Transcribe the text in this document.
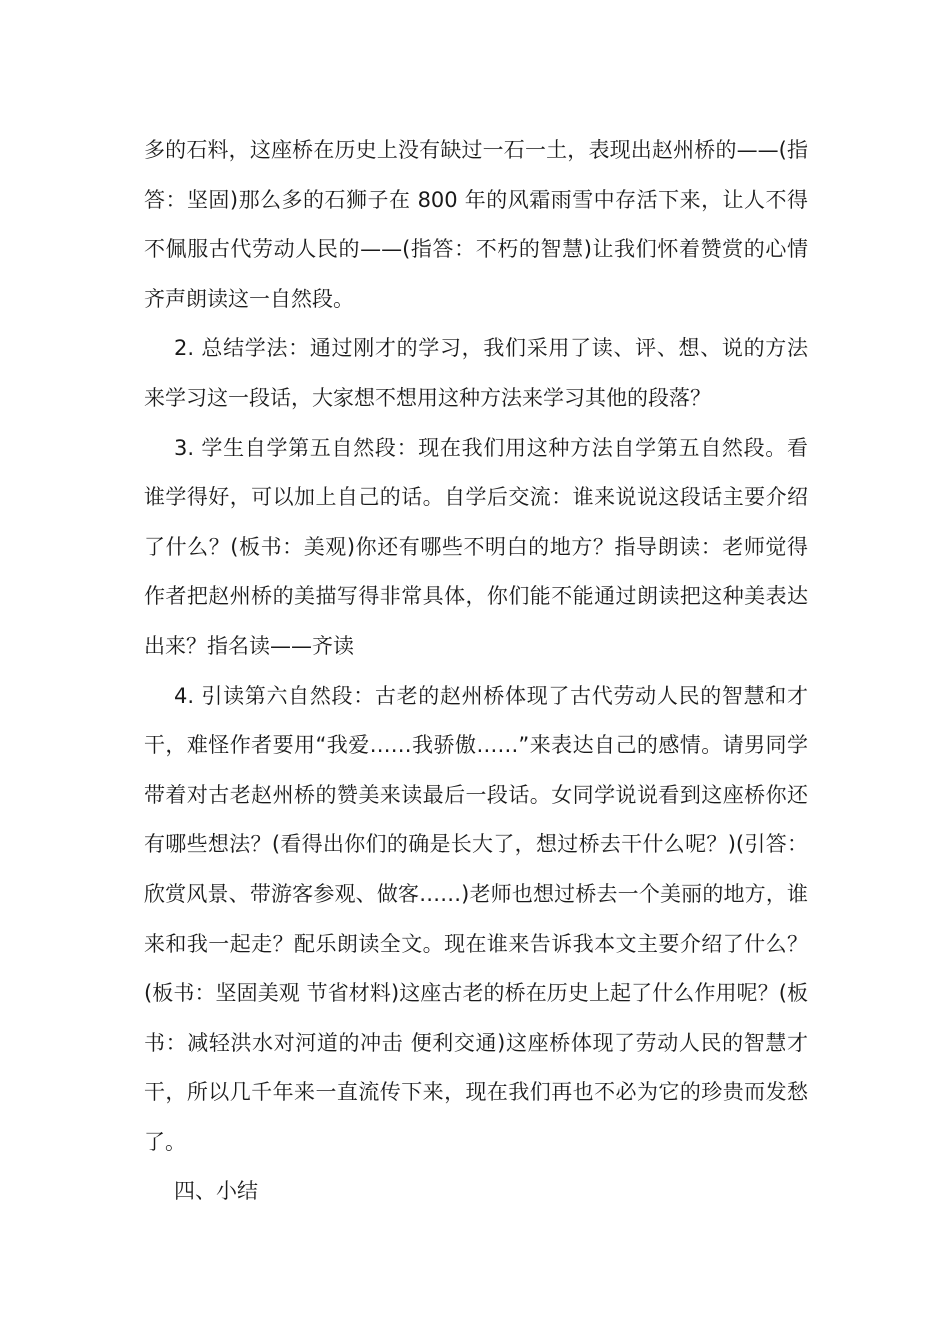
多的石料，这座桥在历史上没有缺过一石一土，表现出赵州桥的——(指答：坚固)那么多的石狮子在 800 年的风霜雨雪中存活下来，让人不得不佩服古代劳动人民的——(指答：不朽的智慧)让我们怀着赞赏的心情齐声朗读这一自然段。

2. 总结学法：通过刚才的学习，我们采用了读、评、想、说的方法来学习这一段话，大家想不想用这种方法来学习其他的段落？

3. 学生自学第五自然段：现在我们用这种方法自学第五自然段。看谁学得好，可以加上自己的话。自学后交流：谁来说说这段话主要介绍了什么？(板书：美观)你还有哪些不明白的地方？指导朗读：老师觉得作者把赵州桥的美描写得非常具体，你们能不能通过朗读把这种美表达出来？指名读——齐读

4. 引读第六自然段：古老的赵州桥体现了古代劳动人民的智慧和才干，难怪作者要用“我爱……我骄傲……”来表达自己的感情。请男同学带着对古老赵州桥的赞美来读最后一段话。女同学说说看到这座桥你还有哪些想法？(看得出你们的确是长大了，想过桥去干什么呢？)(引答：欣赏风景、带游客参观、做客……)老师也想过桥去一个美丽的地方，谁来和我一起走？配乐朗读全文。现在谁来告诉我本文主要介绍了什么？(板书：坚固美观 节省材料)这座古老的桥在历史上起了什么作用呢？(板书：减轻洪水对河道的冲击 便利交通)这座桥体现了劳动人民的智慧才干，所以几千年来一直流传下来，现在我们再也不必为它的珍贵而发愁了。

四、小结
